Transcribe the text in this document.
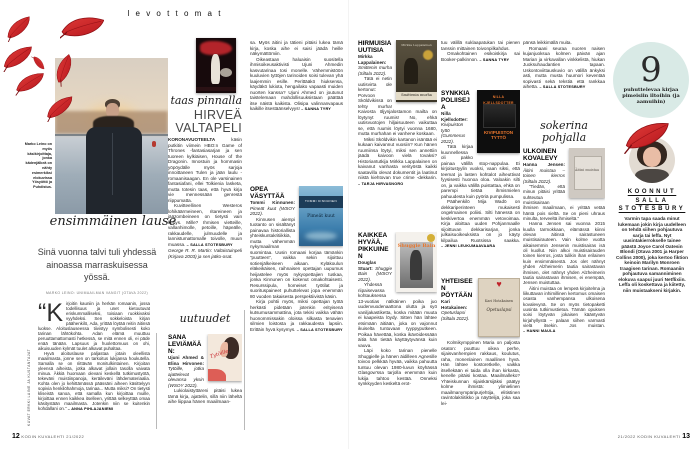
l e v o t t o m a t
Marko Leino on myös käsikirjoittaja, jonka kädenjälkeä on nähty esimerkiksi elokuvissa Yösyöttö ja Puhdistus.
ensimmäinen lause
Sinä vuonna talvi tuli yhdessä ainoassa marraskuisessa yössä.
MARKO LEINO: UNIMAAILMAN VANGIT (OTAVA 2022)
KUVAT ERKKI LAINE JA KUSTANTAJAT
“K irjoitin kauniin ja herkän romaanin, jossa todellisuus ja unet kietoutuvat eriskummalliseksi, toisiaan ruokkivaksi vyyhdeksi. Sen sokkeloista kirjan päähenkilö, Ada, yrittää löytää reitin äitinsä luokse. Aloituslauseessa tiivistyy symbolisesti koko tarinan lähtökohta. Adan elämä muuttuu peruuttamattomasti hetkessä, se mitä ennen oli, ei päde enää tänään. Lapsuus ja huolettomuus on ohi, aikuisuuden kylmät tuulet alkavat puhaltaa.

Hyvä aloituslause paljastaa jotain oleellista maailmasta, jonne sen on tarkoitus lukijansa houkutella. Samalla se on riittävän monitulkintainen. Kirjoitan yleensä aiheista, jotka alkavat jollain tasolla vaivata minua. Äkkiä huomaan olevani keskellä tutkimustyötä, tekeväni muistiinpanoja, keräileväni lähdemateriaalia. Kohta olen jo kehittämässä päässäni aiheen käsittelyyn sopivia henkilöhahmoja, tarinaa... Mutta miksi? On tietysti kliseistä sanoa, että samalla kun kirjoittaa muille, kirjoittaa ennen kaikkea itselleen, yrittää selkeyttää omaa käsitystään maailmasta. Jotenkin niin se kuitenkin kohdallani on.” – ANNA PIHLAJANIEMI

12 KODIN KUVALEHTI 21/2022
taas pinnalla
HIRVEÄ VALTAPELI

KORONAVUOTEELTA	käsin putkitin viimein HBO:n Game of Thrones -fantasiasarjan ja sen tuoreen kylkiäisen, House of the Dragonin. Innostuin ja hommasin yöpöydälle myös sarjoja innoittaneen Tulen ja jään laulu -romaanisaagan. En ole varsinainen fantasiafani, ellei Tolkienia lasketa, mutta totesin taas, että hyvä kirja vie mennessään genrestä riippumatta.

Kuvitteellinen Westeros lohikäärmeineen, ritareineen ja jääzombeineen on tietysti vain kehys. Mille? Ihmisen vietteille, vallanhimolle, petoille, häpeälle, rakkaudelle, julmuudelle ja lannistumattomalle toivolle, muun muassa. – SALLA STOTESBURY

George R. R. Martin: Valtaistuinpeli (Kirjava 2003) ja sen jatko-osat.

uutuudet
Tytöille,
SANA LEVIÄMÄÄN:
Ujuni Ahmed & Elina Hirvonen: Tytöille, jotka ajattelevat olevansa yksin (WSOY 2022).

Lukiolaistyttäreni pitäisi lukea tämä kirja, ajattelin, sillä niin läheltä aihe liippaa hänen maailmaan-

sa. Myös äitini ja tätieni pitäisi lukea tämä kirja, koska aihe ei saisi jäädä heille näkymättömiin.

Oikeastaan haluaisin suositella ihmisoikeusaktivisti Ujuni Ahmedin kasvutarinaa tosi monelle. Vähemmistöön kuuluvien tyttöjen tarinoiden soisi tulevan yhä laajemmin esille. Perittääkö hiuksensa, käydäkö lukiota, hengailako vapaasti muiden nuorten kanssa? Ujuni Ahmed on joutunut taistelemaan mahdollisuuksistaan päättää itse näistä kaikista. Olisipa valinnanvapaus kaikille itsestäänselvyys! – SANNA TYRY

TOMMI KINNUNEN
Pimeät kuut
OPEA VÄSYTTÄÄ
Tommi Kinnunen: Pimeät kuut (WSOY 2022).

Kinnusen aiempi tuotanto on sisältänyt painavaa historiallista yhteiskuntakritiikkiä, mutta vähemmän nykymaailman suomintaa. Uusin romaani korjaa tämänkin ”puutteen”, vaikka sekin sijoittuu sotienjälkeiseen aikaan. Kyläkoulun eläkeikäisen, raihnaisen opettajan uupumus heijastelee myös nykyopettajien tuskaa, jonka Kinnunen on kokenut omakohtaisesti. Resurssipula, homeiset työtilat ja suorituspaineet puhuttelevat jopa enemmän 80 vuoden takaisesta perspektiivistä käsin.

Kirja pohtii myös, miksi opettajan työtä herkästi pidetään jotenkin erityisenä kutsumusammattina, jota tekisi vaikka vähän huonommissakin oloissa silkasta tenavien silmien loistosta ja rakkaudesta lapsiin. Erittäin hyvä kysymys. – SALLA STOTESBURY

Mirkka Lappalainen
Smittenin murha
HIRMUISIA UUTISIA
Mirkka Lappalainen: Smittenin murha (Siltala 2022).

Tätä ei netin uutisvirta ole kertonut: Porvoon Sköldvikissä on tehty murha! Kaivosta öljynjalostamon mailta on löytynyt ruumis! No, ehkä uutisvuotojen hiljaisuuteen vaikuttaa se, että ruumis löytyi vuonna 1680, mutta murhahan ei vanhene koskaan.

Miksi Sköldvikin kartanon isäntää ei kukaan kaivannut vuosiin? Kun hänen ruumiinsa löytyi, miksi sen annettiin jäädä kaivoon vielä tovaksi? Historiantutkija Mirkka Lappalainen on kaivanut vanhasta verityöstä kaikki saatavilla olevat dokumentit ja laatinut niistä kiehtovan true crime -dekkarin. – TARJA HIRVASNORO

Shuggie Bain
KAIKKEA HYVÄÄ, PIKKUINEN
Douglas Stuart: Shuggie Bain (WSOY 2022).

Yhdessä riipaisevassa kohtauksessa 13-vuotias nälkäinen poika juo uudenvuodenaattona olutta ja syö vaniljakastiketta, koska mitään muuta ei kaapeista löydy. Sitten hän lähtee etsimään äitiään, joka on vajonnut ikuiselta tuntuvaan ryyppyputkeen. Poikaa hävettää, koska ikävöidessään äitiä hän tietää käyttäytyvänsä kuin vauva.

Läpi koko tarinan pienelle Shuggielle ja hänen äidilleen Agnesille toivoo pelkkää hyvää, vaikka pahuutta tuntuu olevan 1980-luvun köyhässä Glasgow'ssa tarjolla enemmän kuin lukija tahtoo kestää. Onneksi synkkyyden keskeltä erot-

tuu välillä suklaapatukan tai pienen tanssin mittainen toivonpilkahdus.

Omakohtainen esikoiskirja sai Booker-palkinnon. – SANNA TYRY

NILLA KJELLSDOTTER
KIVIPUISTON TYTTÖ
SYNKKIÄ POLIISEJA
Nilla Kjellsdotter: Kivipuiston tyttö (Gummerus 2022).

Tätä kirjaa kuunnellessa oli pakko painaa välillä stop-nappulaa. Ei kirjoitustyylin vuoksi, vaan siksi, että teemat ja lasten kohtalot aiheuttivat fyysisesti huonoa oloa. Valoakin silti on, ja vaikka välillä puistattaa, ehkä on parempi tietää ihmismielen pahuudesta kuin pyöriä pumpulissa.

Päähenkilö Mija Wadö on dekkariperinteen mukaisesti ongelmainen poliisi. Silti hänessä on keskivertoa enemmän vetovoimaa. Kirja aloittaa uuden Pohjanmaalle sijoittuvan dekkarisarjan, jonka julkaisuoikeuksista on jo käyty kilpailua Ruotsissa saakka. – JENNI LEUKUMAAVAARA

♥
Kari Hotakainen
Opetuslapsi
YHTEISEEN PÖYTÄÄN
Kari Hotakainen: Opetuslapsi (Siltala 2022).

Kolmikymppinen Maria on paljosta osaton: puuttuu oikea perhe, sijaisvanhempien rakkaus, koulutus, raha, monenlainen maallinen hyvä. Hän lähtee kostoretkelle, vaikka itsellekään ei taida olla ihan kirkasta, kenelle pitäisi kostaa. Maailmalleko? Yhteiskunnan sijaiskärsijäksi päätyy kolme ihmistä: ylimielinen maailmanympäripurjehtija, elitistinen ravintolakriitikko ja näyttelijä, joka saa lei-

pänsä leikkimällä muita.

Romaani seuraa nuoren naisen kujanjuoksua kolmen päivän ajan Marian ja virkavallan vinkkelistä, hiukan Juoksuhaudantien tapaan. Uskontoviittauskuvio on välillä änkyksi asti, mutta musta huumori keventää sopivasti sekä tekstiä että rankkaa aihetta. – SALLA STOTESBURY

sokerina pohjalla
Äitini muistaa
ULKOINEN KOVALEVY
Hanna Jensen: Äitini muistaa – toinen kierros (Siltala 2022).

”Tiedän, että minun pitäisi yrittää suhteutua muistisairaan ihmisen maailmaan, ei yrittää vetää häntä pois sieltä. Se on pieni uhraus minulta, terveeltä ihmiseltä.”

Hanna Jensen sai vuonna 2015 kuulla tarmokkaan, elämässä kiinni olevan äitinsä sairastuneen muistisairauteen. Vain kolme vuotta aikaisemmin Jensenin muistisairas isä oli kuollut. Niin alkoi muistisairauden toinen kierros, josta tulikin ihan erilainen kuin ensimmäisestä. Jos olet nähnyt yhden Alzheimerin tautia sairastavan ihmisen, olet nähnyt yhden Alzheimerin tautia sairastavan ihmisen, ei enempää, Jensen muistuttaa.

Äitini muistaa on lempeä kirjoitelma ja liikuttavan inhimillinen kertomus omaisen osasta vanhempansa ulkoisena kovalevynä. Se on myös tietopaketti uusinta tutkimustietoa. Tämän opuksen soisi löytyvän jokaisen kääntyvän kirjahyllystä – palaan siihen varmasti vielä itsekin. Jos muistan. – HANNI MAULA

9
puhuttelevaa kirjaa pimeisiin iltoihin (ja aamuihin)
KOONNUT
SALLA
STOTESBURY
Varmin tapa saada minut lukemaan jokin kirja uudelleen on tehdä siihen pohjautuva sarja tai leffa. Nyt uusintakierrokselle tainee päästä Joyce Carol Oatesin Blondi (Otava 2001 ja Harper Collins 2000), joka kertoo fiktion keinoin Marilyn Monroen traagisen tarinan. Romaaniin pohjautuva samanniminen elokuva saapui juuri Netflixiin. Leffa oli koskettava ja kiitetty, niin muistaakseni kirjakin.
21/2022 KODIN KUVALEHTI 13
